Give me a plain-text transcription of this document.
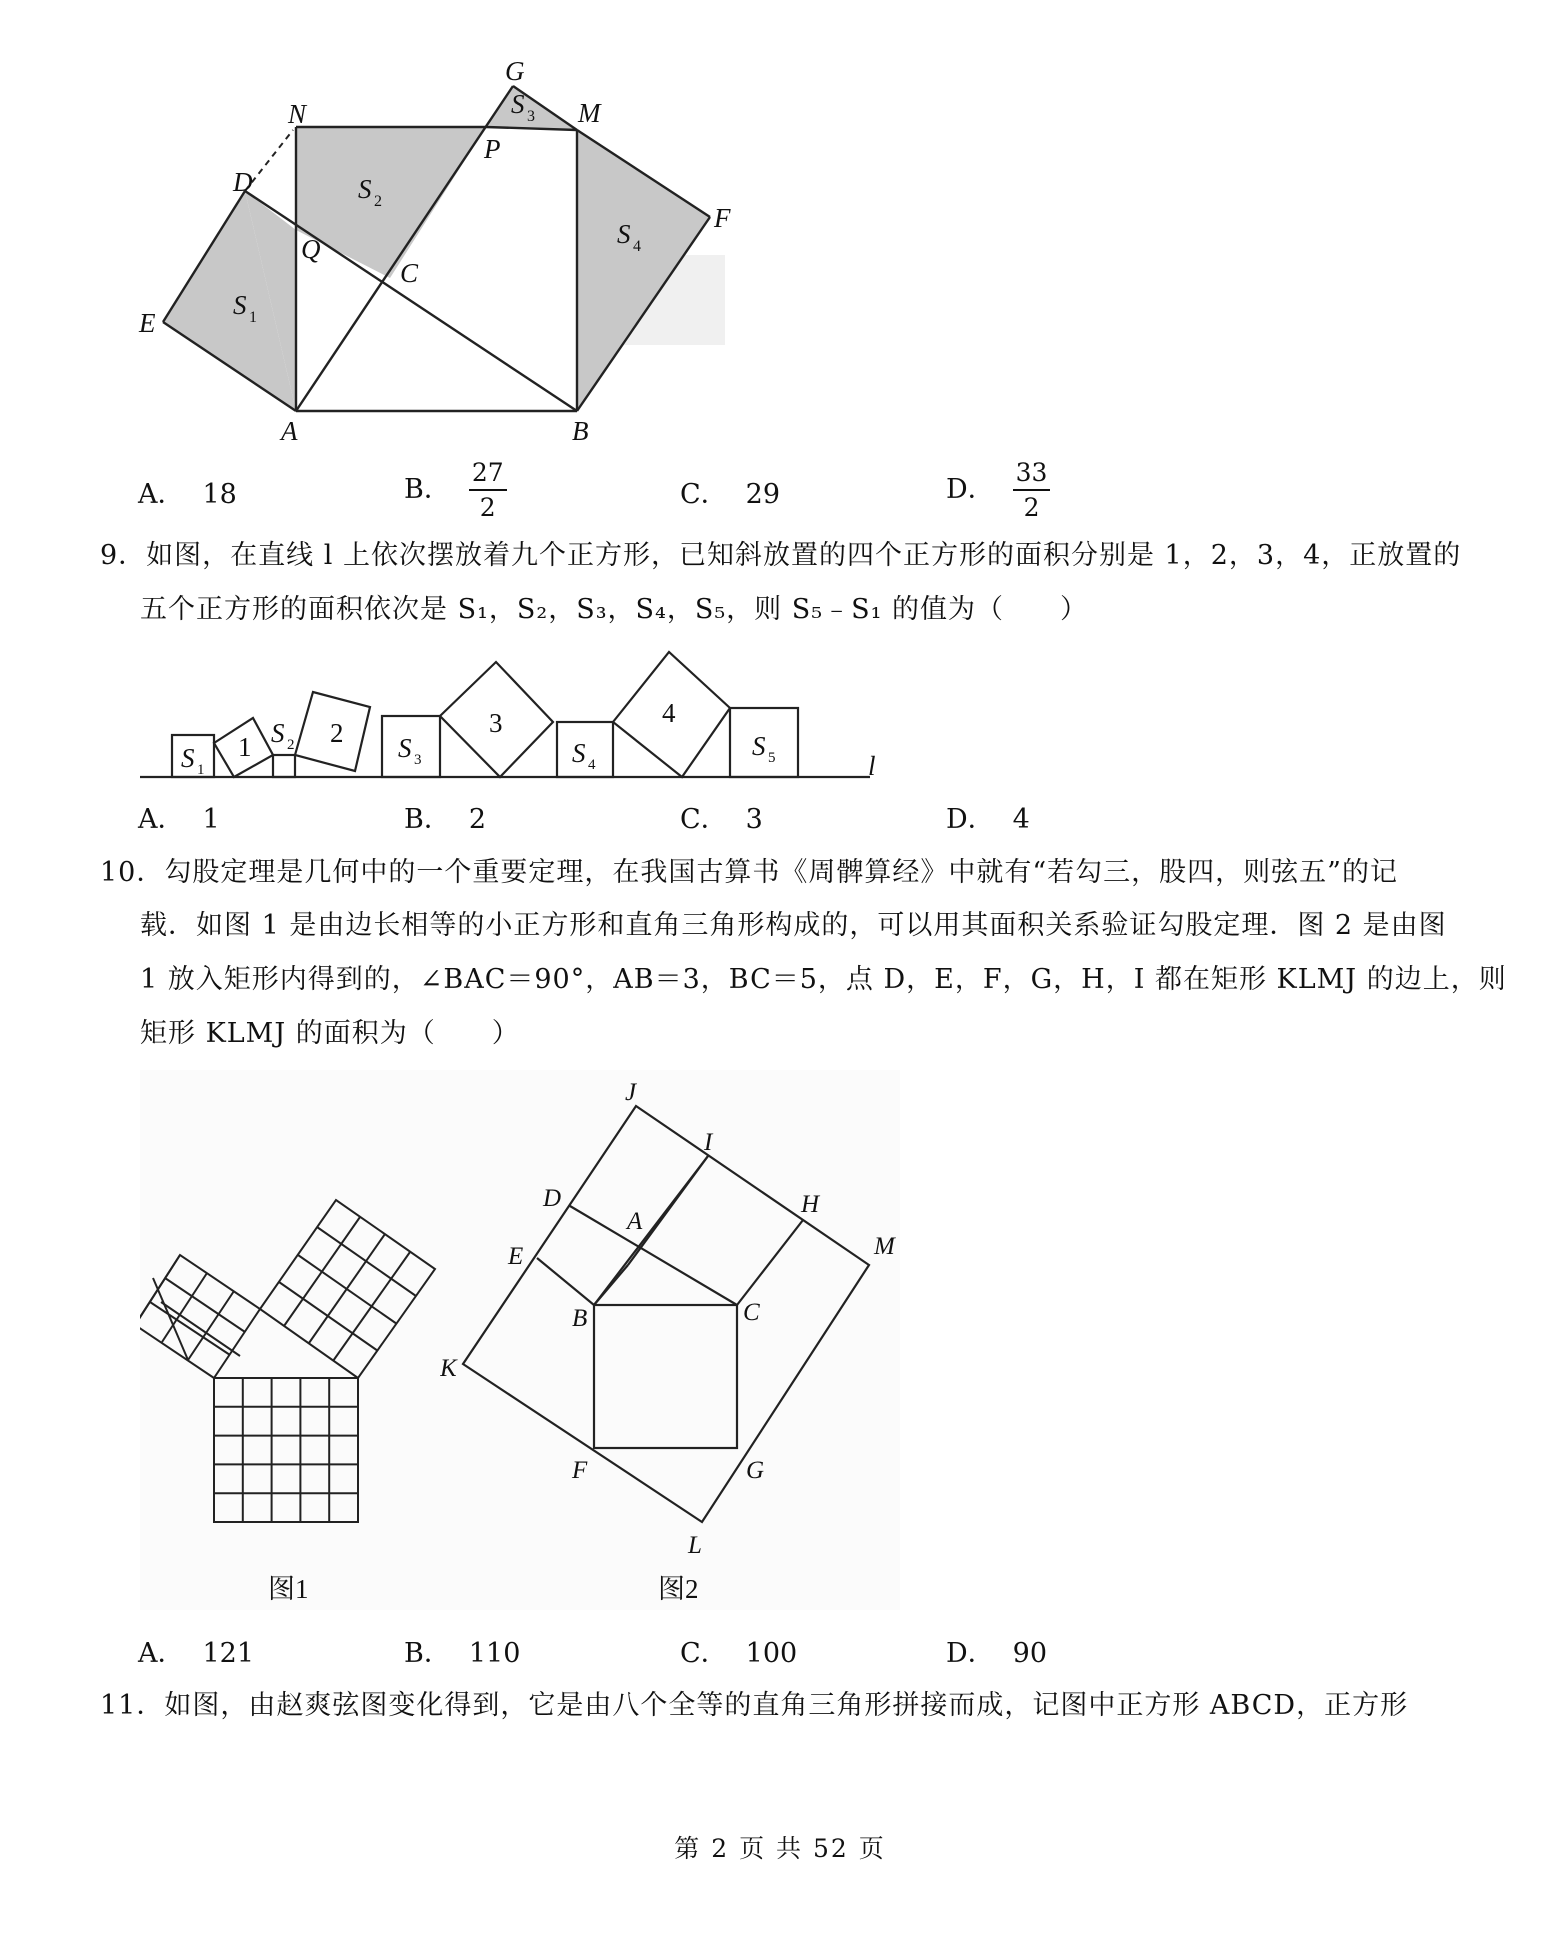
G
N	M
P
D
Q
C
F
E
A	B
S
S
S
S
1
2
3
4
A． 18	B． $\frac{27}{2}$	C． 29	D． $\frac{33}{2}$
9．如图，在直线 l 上依次摆放着九个正方形，已知斜放置的四个正方形的面积分别是 1，2，3，4，正放置的
五个正方形的面积依次是 S₁，S₂，S₃，S₄，S₅，则 S₅﹣S₁ 的值为（　　）
1	2	3	4
S
S	S	S	S
l
1
2
3	4	5
A． 1	B． 2	C． 3	D． 4
10．勾股定理是几何中的一个重要定理，在我国古算书《周髀算经》中就有“若勾三，股四，则弦五”的记
载．如图 1 是由边长相等的小正方形和直角三角形构成的，可以用其面积关系验证勾股定理．图 2 是由图
1 放入矩形内得到的，∠BAC＝90°，AB＝3，BC＝5，点 D，E，F，G，H，I 都在矩形 KLMJ 的边上，则
矩形 KLMJ 的面积为（　　）
图1
J
I
D
A
H
M
E
B	C
K
F	G
L
图2
A． 121	B． 110	C． 100	D． 90
11．如图，由赵爽弦图变化得到，它是由八个全等的直角三角形拼接而成，记图中正方形 ABCD，正方形
第 2 页 共 52 页
